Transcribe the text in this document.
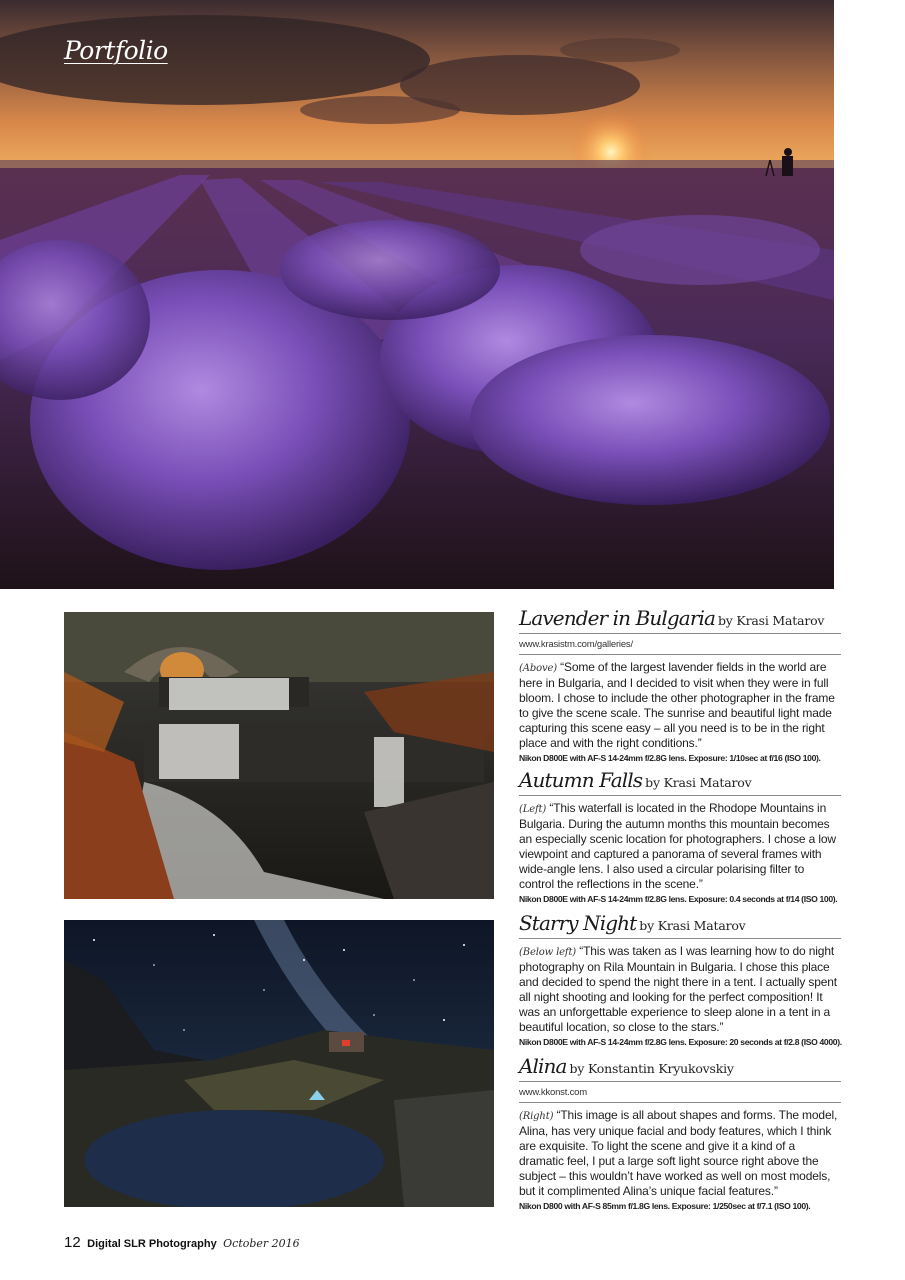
Portfolio
Lavender in Bulgaria by Krasi Matarov
www.krasistm.com/galleries/

(Above) “Some of the largest lavender fields in the world are here in Bulgaria, and I decided to visit when they were in full bloom. I chose to include the other photographer in the frame to give the scene scale. The sunrise and beautiful light made capturing this scene easy – all you need is to be in the right place and with the right conditions.”

Nikon D800E with AF-S 14-24mm f/2.8G lens. Exposure: 1/10sec at f/16 (ISO 100).
Autumn Falls by Krasi Matarov

(Left) “This waterfall is located in the Rhodope Mountains in Bulgaria. During the autumn months this mountain becomes an especially scenic location for photographers. I chose a low viewpoint and captured a panorama of several frames with wide-angle lens. I also used a circular polarising filter to control the reflections in the scene.”

Nikon D800E with AF-S 14-24mm f/2.8G lens. Exposure: 0.4 seconds at f/14 (ISO 100).
Starry Night by Krasi Matarov

(Below left) “This was taken as I was learning how to do night photography on Rila Mountain in Bulgaria. I chose this place and decided to spend the night there in a tent. I actually spent all night shooting and looking for the perfect composition! It was an unforgettable experience to sleep alone in a tent in a beautiful location, so close to the stars.”

Nikon D800E with AF-S 14-24mm f/2.8G lens. Exposure: 20 seconds at f/2.8 (ISO 4000).
Alina by Konstantin Kryukovskiy
www.kkonst.com

(Right) “This image is all about shapes and forms. The model, Alina, has very unique facial and body features, which I think are exquisite. To light the scene and give it a kind of a dramatic feel, I put a large soft light source right above the subject – this wouldn’t have worked as well on most models, but it complimented Alina’s unique facial features.”

Nikon D800 with AF-S 85mm f/1.8G lens. Exposure: 1/250sec at f/7.1 (ISO 100).
12 Digital SLR Photography October 2016
